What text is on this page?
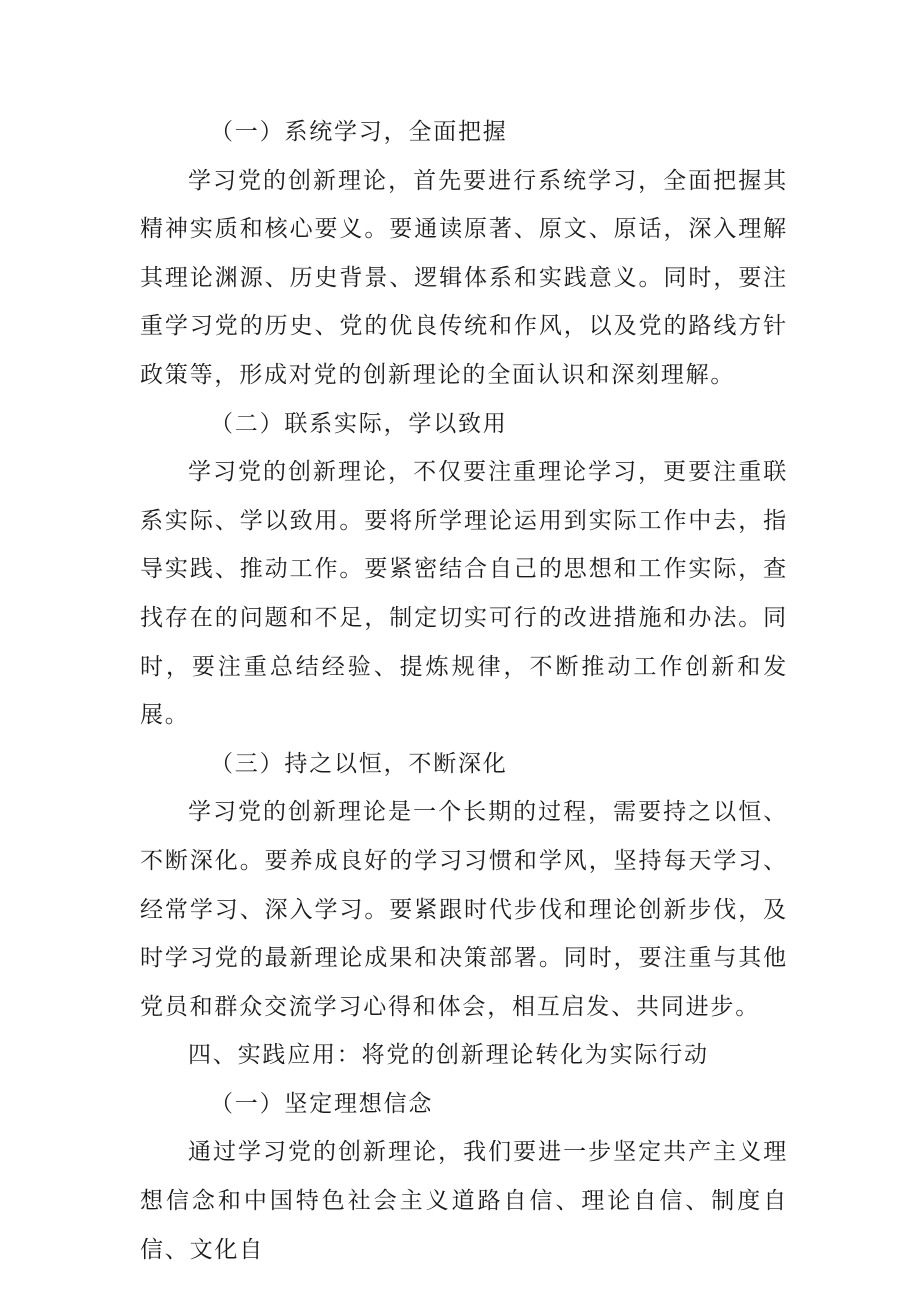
（一）系统学习，全面把握

学习党的创新理论，首先要进行系统学习，全面把握其精神实质和核心要义。要通读原著、原文、原话，深入理解其理论渊源、历史背景、逻辑体系和实践意义。同时，要注重学习党的历史、党的优良传统和作风，以及党的路线方针政策等，形成对党的创新理论的全面认识和深刻理解。

（二）联系实际，学以致用

学习党的创新理论，不仅要注重理论学习，更要注重联系实际、学以致用。要将所学理论运用到实际工作中去，指导实践、推动工作。要紧密结合自己的思想和工作实际，查找存在的问题和不足，制定切实可行的改进措施和办法。同时，要注重总结经验、提炼规律，不断推动工作创新和发展。

（三）持之以恒，不断深化

学习党的创新理论是一个长期的过程，需要持之以恒、不断深化。要养成良好的学习习惯和学风，坚持每天学习、经常学习、深入学习。要紧跟时代步伐和理论创新步伐，及时学习党的最新理论成果和决策部署。同时，要注重与其他党员和群众交流学习心得和体会，相互启发、共同进步。

四、实践应用：将党的创新理论转化为实际行动

（一）坚定理想信念

通过学习党的创新理论，我们要进一步坚定共产主义理想信念和中国特色社会主义道路自信、理论自信、制度自信、文化自
